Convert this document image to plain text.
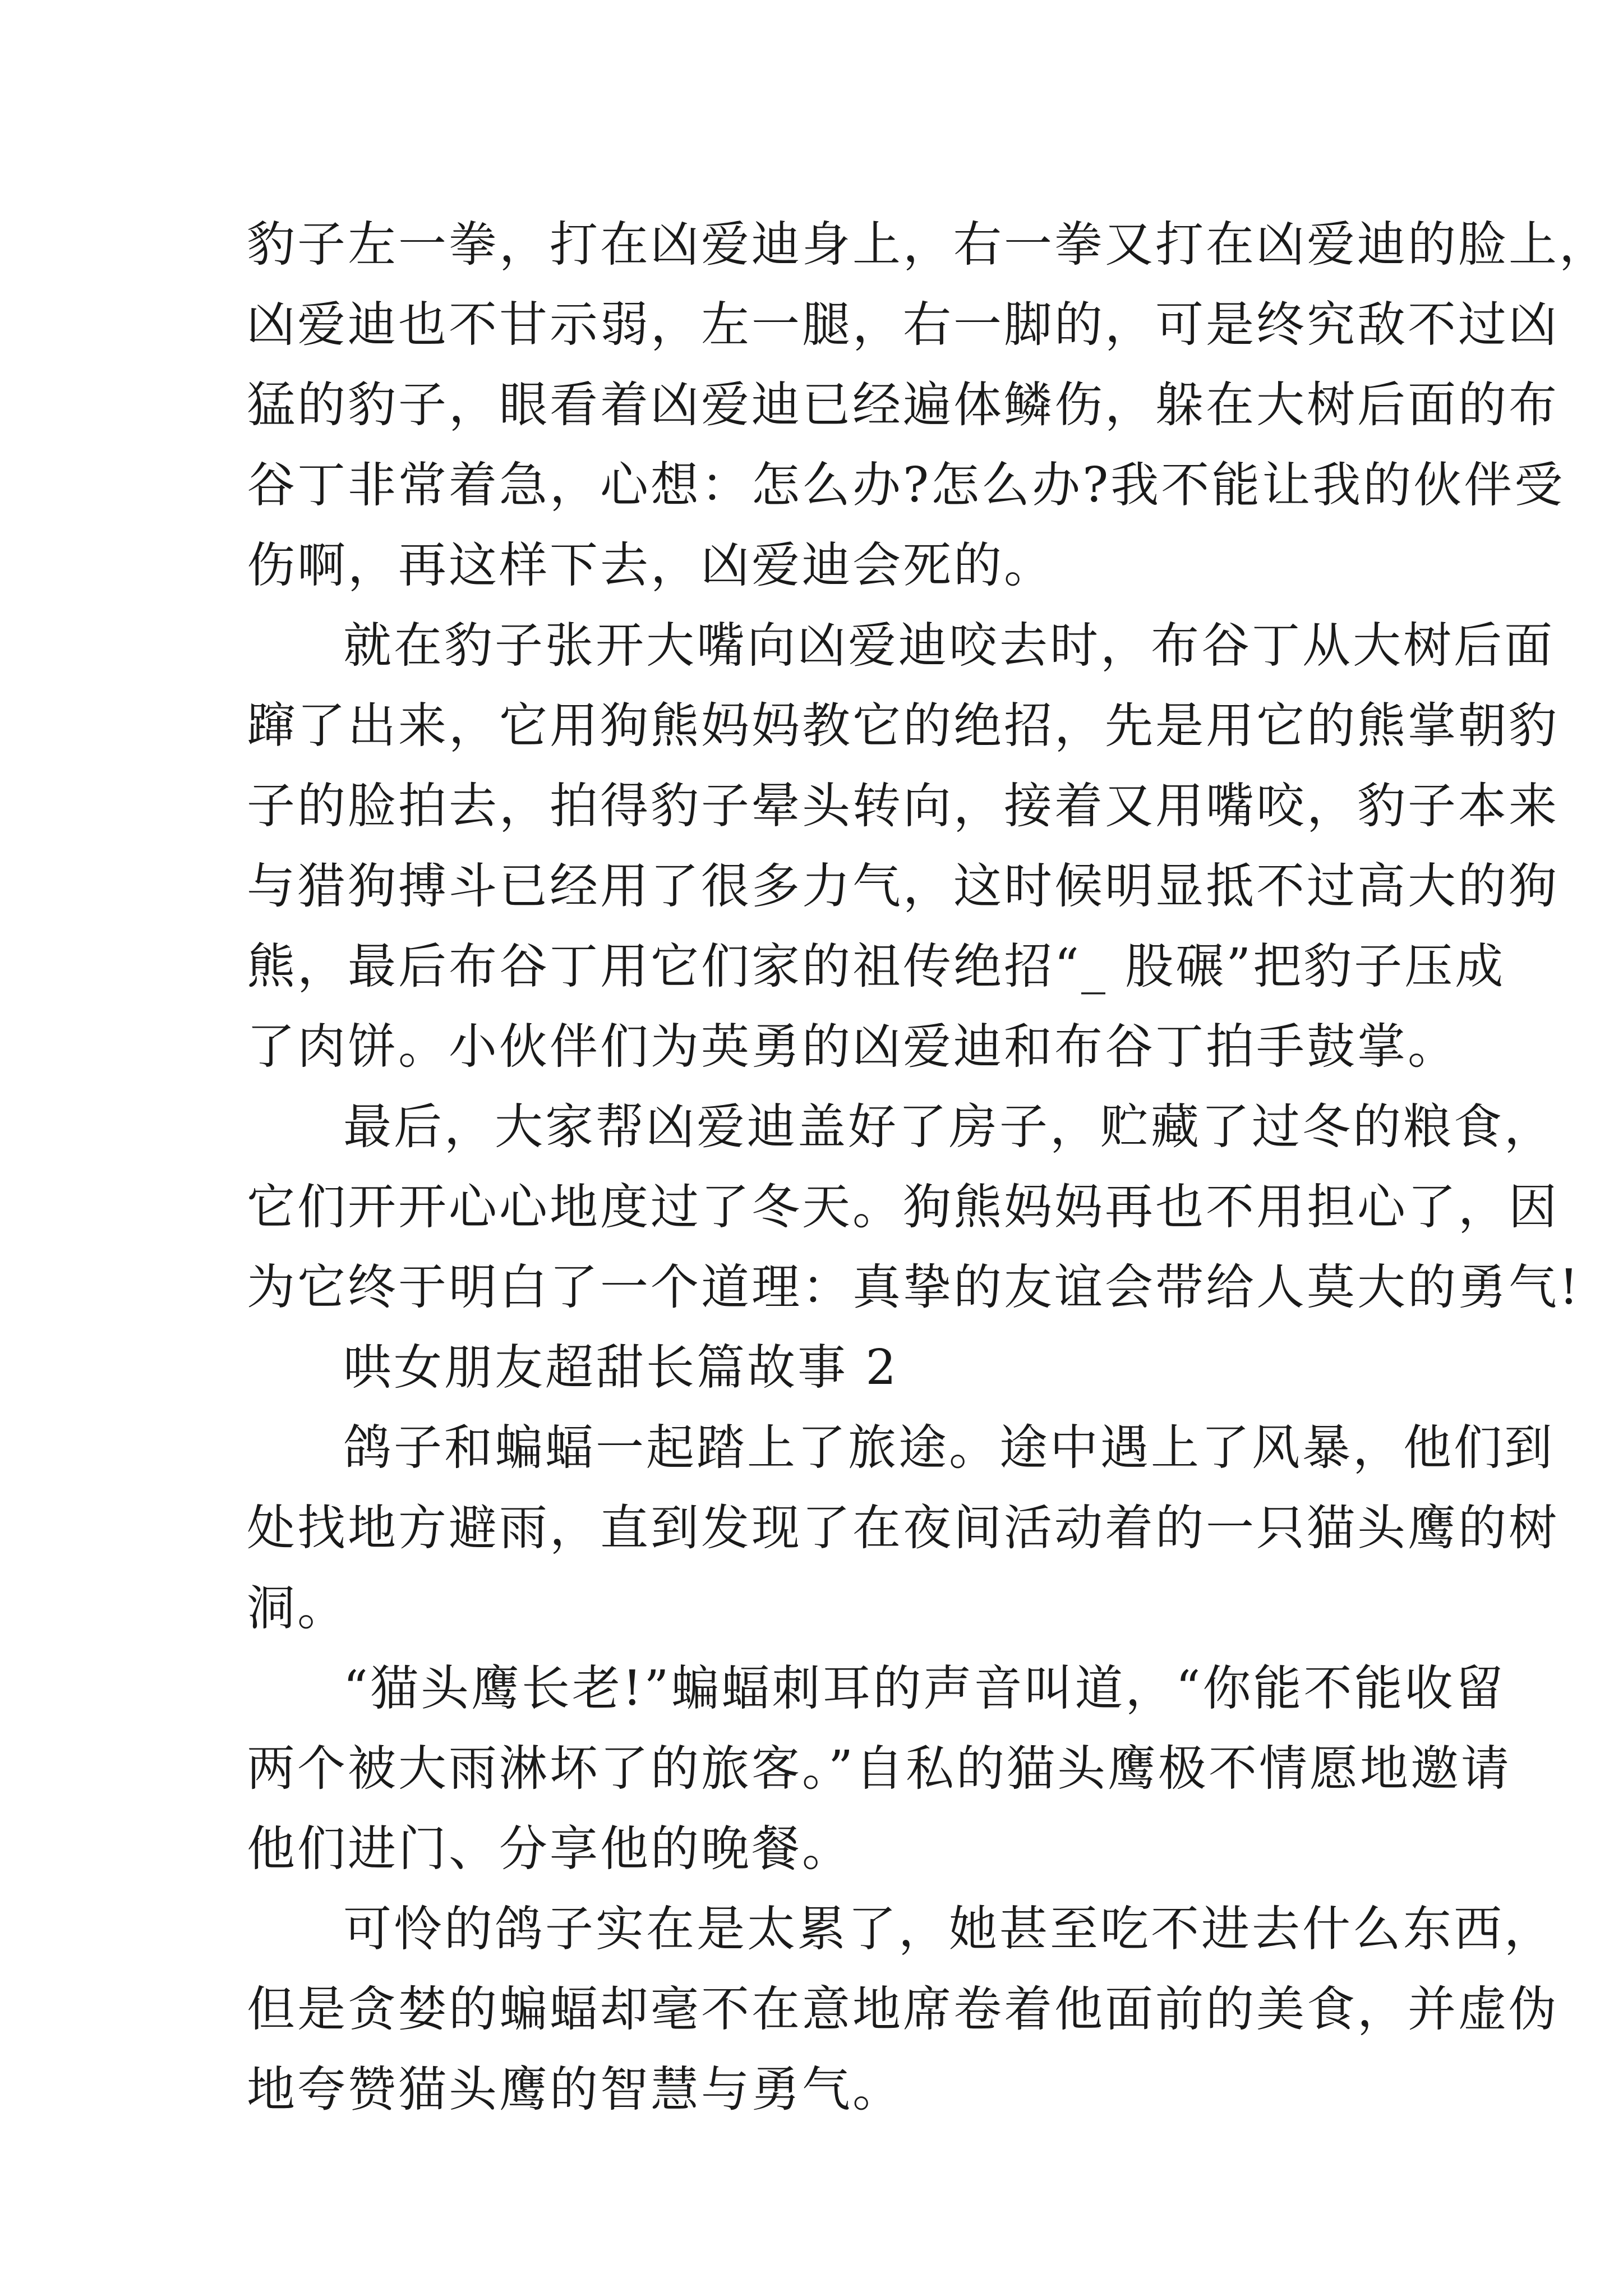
豹子左一拳，打在凶爱迪身上，右一拳又打在凶爱迪的脸上，
凶爱迪也不甘示弱，左一腿，右一脚的，可是终究敌不过凶
猛的豹子，眼看着凶爱迪已经遍体鳞伤，躲在大树后面的布
谷丁非常着急，心想：怎么办?怎么办?我不能让我的伙伴受
伤啊，再这样下去，凶爱迪会死的。
就在豹子张开大嘴向凶爱迪咬去时，布谷丁从大树后面
蹿了出来，它用狗熊妈妈教它的绝招，先是用它的熊掌朝豹
子的脸拍去，拍得豹子晕头转向，接着又用嘴咬，豹子本来
与猎狗搏斗已经用了很多力气，这时候明显抵不过高大的狗
熊，最后布谷丁用它们家的祖传绝招“_ 股碾”把豹子压成
了肉饼。小伙伴们为英勇的凶爱迪和布谷丁拍手鼓掌。
最后，大家帮凶爱迪盖好了房子，贮藏了过冬的粮食，
它们开开心心地度过了冬天。狗熊妈妈再也不用担心了，因
为它终于明白了一个道理：真挚的友谊会带给人莫大的勇气!
哄女朋友超甜长篇故事 2
鸽子和蝙蝠一起踏上了旅途。途中遇上了风暴，他们到
处找地方避雨，直到发现了在夜间活动着的一只猫头鹰的树
洞。
“猫头鹰长老!”蝙蝠刺耳的声音叫道，“你能不能收留
两个被大雨淋坏了的旅客。”自私的猫头鹰极不情愿地邀请
他们进门、分享他的晚餐。
可怜的鸽子实在是太累了，她甚至吃不进去什么东西，
但是贪婪的蝙蝠却毫不在意地席卷着他面前的美食，并虚伪
地夸赞猫头鹰的智慧与勇气。
